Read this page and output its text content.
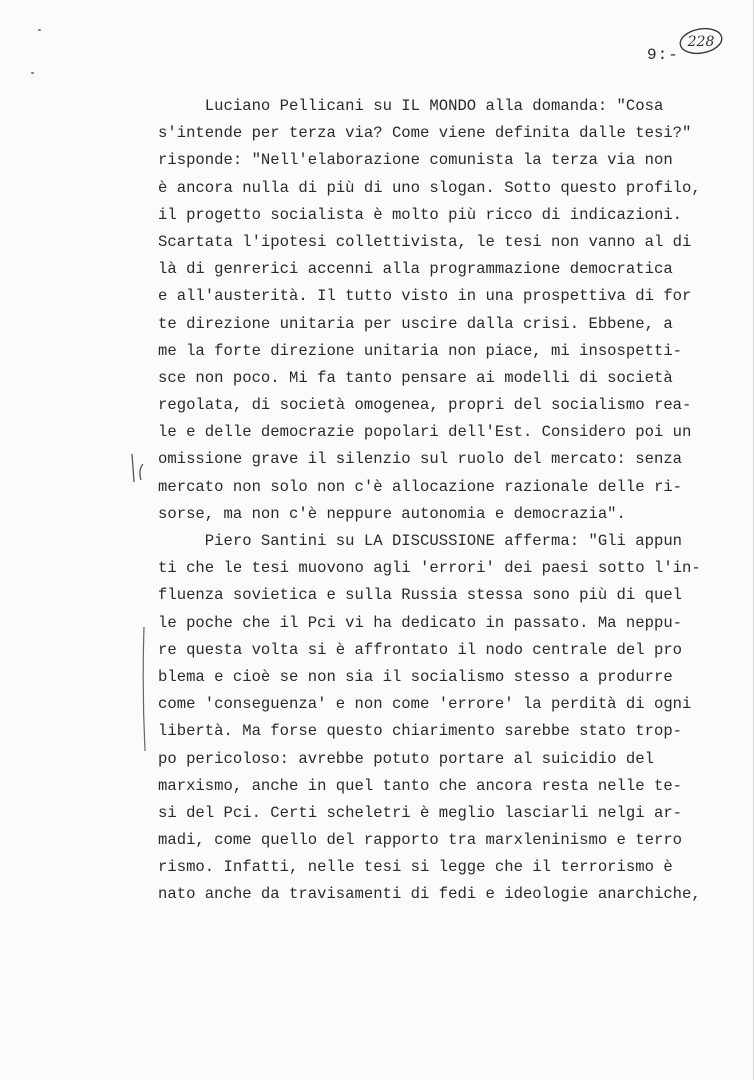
228
9:-
Luciano Pellicani su IL MONDO alla domanda: "Cosa
s'intende per terza via? Come viene definita dalle tesi?"
risponde: "Nell'elaborazione comunista la terza via non
è ancora nulla di più di uno slogan. Sotto questo profilo,
il progetto socialista è molto più ricco di indicazioni.
Scartata l'ipotesi collettivista, le tesi non vanno al di
là di genrerici accenni alla programmazione democratica
e all'austerità. Il tutto visto in una prospettiva di for
te direzione unitaria per uscire dalla crisi. Ebbene, a
me la forte direzione unitaria non piace, mi insospetti-
sce non poco. Mi fa tanto pensare ai modelli di società
regolata, di società omogenea, propri del socialismo rea-
le e delle democrazie popolari dell'Est. Considero poi un
omissione grave il silenzio sul ruolo del mercato: senza
mercato non solo non c'è allocazione razionale delle ri-
sorse, ma non c'è neppure autonomia e democrazia".
Piero Santini su LA DISCUSSIONE afferma: "Gli appun
ti che le tesi muovono agli 'errori' dei paesi sotto l'in-
fluenza sovietica e sulla Russia stessa sono più di quel
le poche che il Pci vi ha dedicato in passato. Ma neppu-
re questa volta si è affrontato il nodo centrale del pro
blema e cioè se non sia il socialismo stesso a produrre
come 'conseguenza' e non come 'errore' la perdità di ogni
libertà. Ma forse questo chiarimento sarebbe stato trop-
po pericoloso: avrebbe potuto portare al suicidio del
marxismo, anche in quel tanto che ancora resta nelle te-
si del Pci. Certi scheletri è meglio lasciarli nelgi ar-
madi, come quello del rapporto tra marxleninismo e terro
rismo. Infatti, nelle tesi si legge che il terrorismo è
nato anche da travisamenti di fedi e ideologie anarchiche,
